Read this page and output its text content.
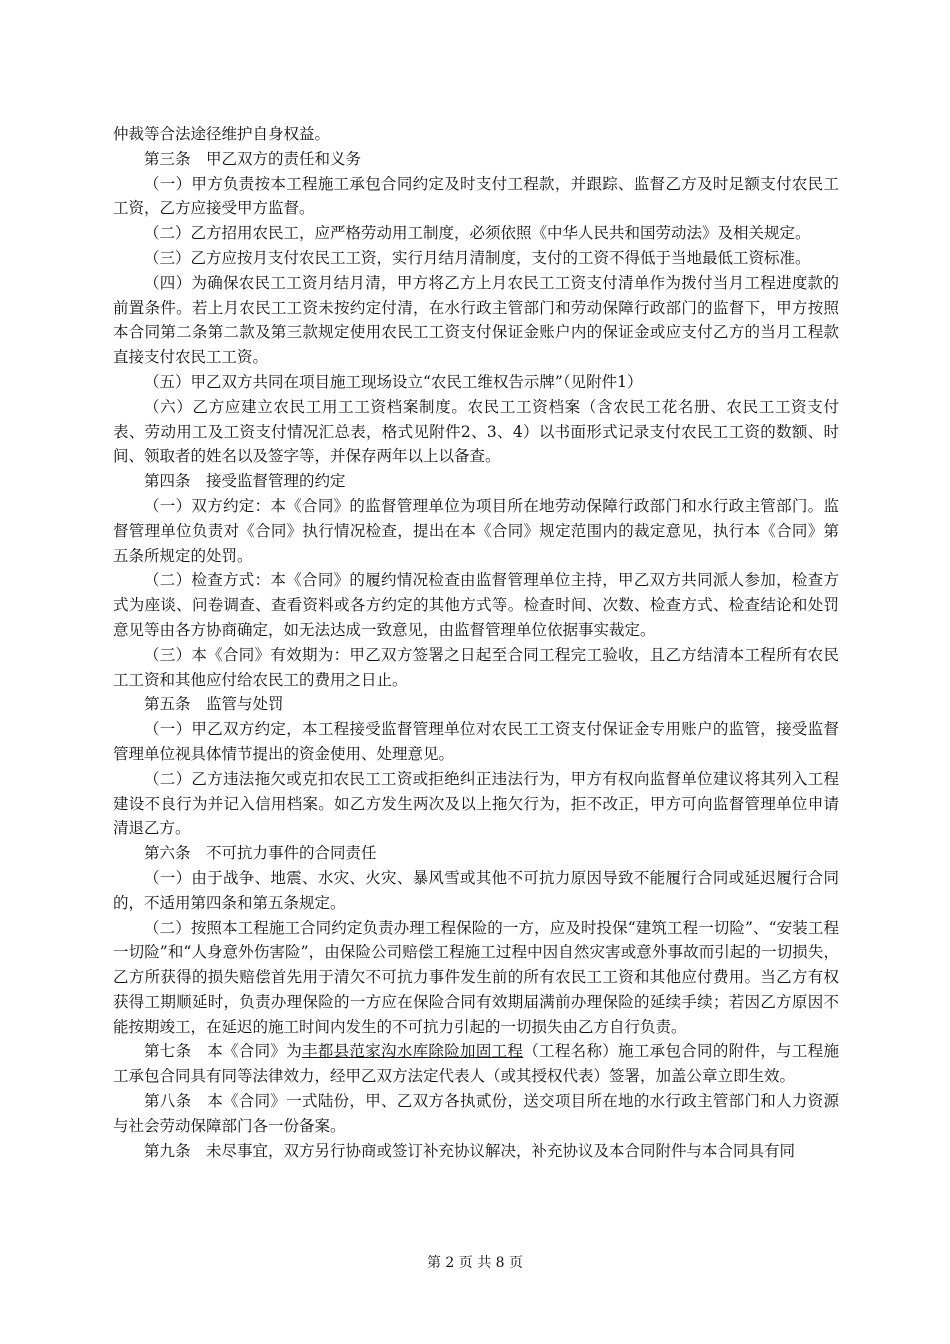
仲裁等合法途径维护自身权益。

第三条　甲乙双方的责任和义务

（一）甲方负责按本工程施工承包合同约定及时支付工程款，并跟踪、监督乙方及时足额支付农民工工资，乙方应接受甲方监督。

（二）乙方招用农民工，应严格劳动用工制度，必须依照《中华人民共和国劳动法》及相关规定。

（三）乙方应按月支付农民工工资，实行月结月清制度，支付的工资不得低于当地最低工资标准。

（四）为确保农民工工资月结月清，甲方将乙方上月农民工工资支付清单作为拨付当月工程进度款的前置条件。若上月农民工工资未按约定付清，在水行政主管部门和劳动保障行政部门的监督下，甲方按照本合同第二条第二款及第三款规定使用农民工工资支付保证金账户内的保证金或应支付乙方的当月工程款直接支付农民工工资。

（五）甲乙双方共同在项目施工现场设立“农民工维权告示牌”（见附件1）

（六）乙方应建立农民工用工工资档案制度。农民工工资档案（含农民工花名册、农民工工资支付表、劳动用工及工资支付情况汇总表，格式见附件2、3、4）以书面形式记录支付农民工工资的数额、时间、领取者的姓名以及签字等，并保存两年以上以备查。

第四条　接受监督管理的约定

（一）双方约定：本《合同》的监督管理单位为项目所在地劳动保障行政部门和水行政主管部门。监督管理单位负责对《合同》执行情况检查，提出在本《合同》规定范围内的裁定意见，执行本《合同》第五条所规定的处罚。

（二）检查方式：本《合同》的履约情况检查由监督管理单位主持，甲乙双方共同派人参加，检查方式为座谈、问卷调查、查看资料或各方约定的其他方式等。检查时间、次数、检查方式、检查结论和处罚意见等由各方协商确定，如无法达成一致意见，由监督管理单位依据事实裁定。

（三）本《合同》有效期为：甲乙双方签署之日起至合同工程完工验收，且乙方结清本工程所有农民工工资和其他应付给农民工的费用之日止。

第五条　监管与处罚

（一）甲乙双方约定，本工程接受监督管理单位对农民工工资支付保证金专用账户的监管，接受监督管理单位视具体情节提出的资金使用、处理意见。

（二）乙方违法拖欠或克扣农民工工资或拒绝纠正违法行为，甲方有权向监督单位建议将其列入工程建设不良行为并记入信用档案。如乙方发生两次及以上拖欠行为，拒不改正，甲方可向监督管理单位申请清退乙方。

第六条　不可抗力事件的合同责任

（一）由于战争、地震、水灾、火灾、暴风雪或其他不可抗力原因导致不能履行合同或延迟履行合同的，不适用第四条和第五条规定。

（二）按照本工程施工合同约定负责办理工程保险的一方，应及时投保“建筑工程一切险”、“安装工程一切险”和“人身意外伤害险”，由保险公司赔偿工程施工过程中因自然灾害或意外事故而引起的一切损失，乙方所获得的损失赔偿首先用于清欠不可抗力事件发生前的所有农民工工资和其他应付费用。当乙方有权获得工期顺延时，负责办理保险的一方应在保险合同有效期届满前办理保险的延续手续；若因乙方原因不能按期竣工，在延迟的施工时间内发生的不可抗力引起的一切损失由乙方自行负责。

第七条　本《合同》为丰都县范家沟水库除险加固工程（工程名称）施工承包合同的附件，与工程施工承包合同具有同等法律效力，经甲乙双方法定代表人（或其授权代表）签署，加盖公章立即生效。

第八条　本《合同》一式陆份，甲、乙双方各执贰份，送交项目所在地的水行政主管部门和人力资源与社会劳动保障部门各一份备案。

第九条　未尽事宜，双方另行协商或签订补充协议解决，补充协议及本合同附件与本合同具有同

第 2 页 共 8 页
